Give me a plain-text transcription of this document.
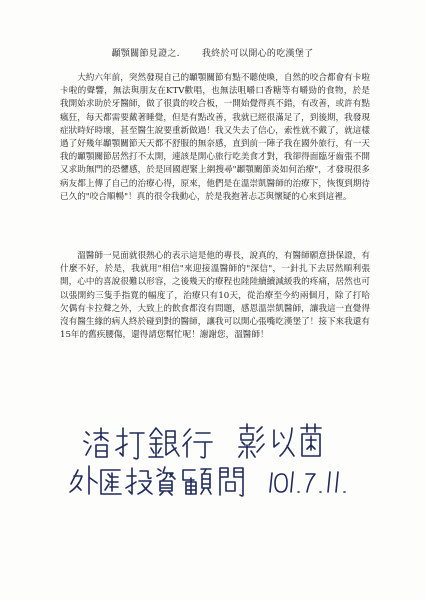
顳顎關節見證之. 我終於可以開心的吃漢堡了

大約六年前，突然發現自己的顳顎關節有點不聽使喚，自然的咬合都會有卡啦卡啦的聲響，無法與朋友在KTV歡唱，也無法咀嚼口香糖等有嚼勁的食物，於是我開始求助於牙醫師，做了很貴的咬合板，一開始覺得真不錯，有改善，或許有點瘋狂，每天都需要戴著睡覺，但是有點改善，我就已經很滿足了，到後期，我發現症狀時好時壞，甚至醫生說要重新做過！我又失去了信心，索性就不戴了，就這樣過了好幾年顳顎關節天天都不舒服的無奈感，直到前一陣子我在國外旅行，有一天我的顳顎關節居然打不太開，連該是開心旅行吃美食才對，我卻得面臨牙齒張不開又求助無門的恐懼感，於是回國趕緊上網搜尋"顳顎關節炎如何治療"，才發現很多病友都上傳了自己的治療心得，原來，他們是在溫崇凱醫師的治療下，恢復到期待已久的"咬合順暢"！真的很令我動心，於是我抱著忐忑與懷疑的心來到這裡。

溫醫師一見面就很熱心的表示這是他的專長，說真的，有醫師願意掛保證，有什麼不好，於是，我就用"相信"來迎接溫醫師的"深信"，一針扎下去居然順利張開，心中的喜說很難以形容，之後幾天的療程也陸陸續續減緩我的疼痛，居然也可以張開約三隻手指寬的幅度了，治療只有10天，從治療至今約兩個月，除了打哈欠偶有卡拉聲之外，大致上的飲食都沒有問題，感恩溫崇凱醫師，讓我這一直覺得沒有醫生緣的病人終於碰到對的醫師，讓我可以開心張嘴吃漢堡了！接下來我還有15年的舊疾腰傷，還得請您幫忙呢！謝謝您，溫醫師！
